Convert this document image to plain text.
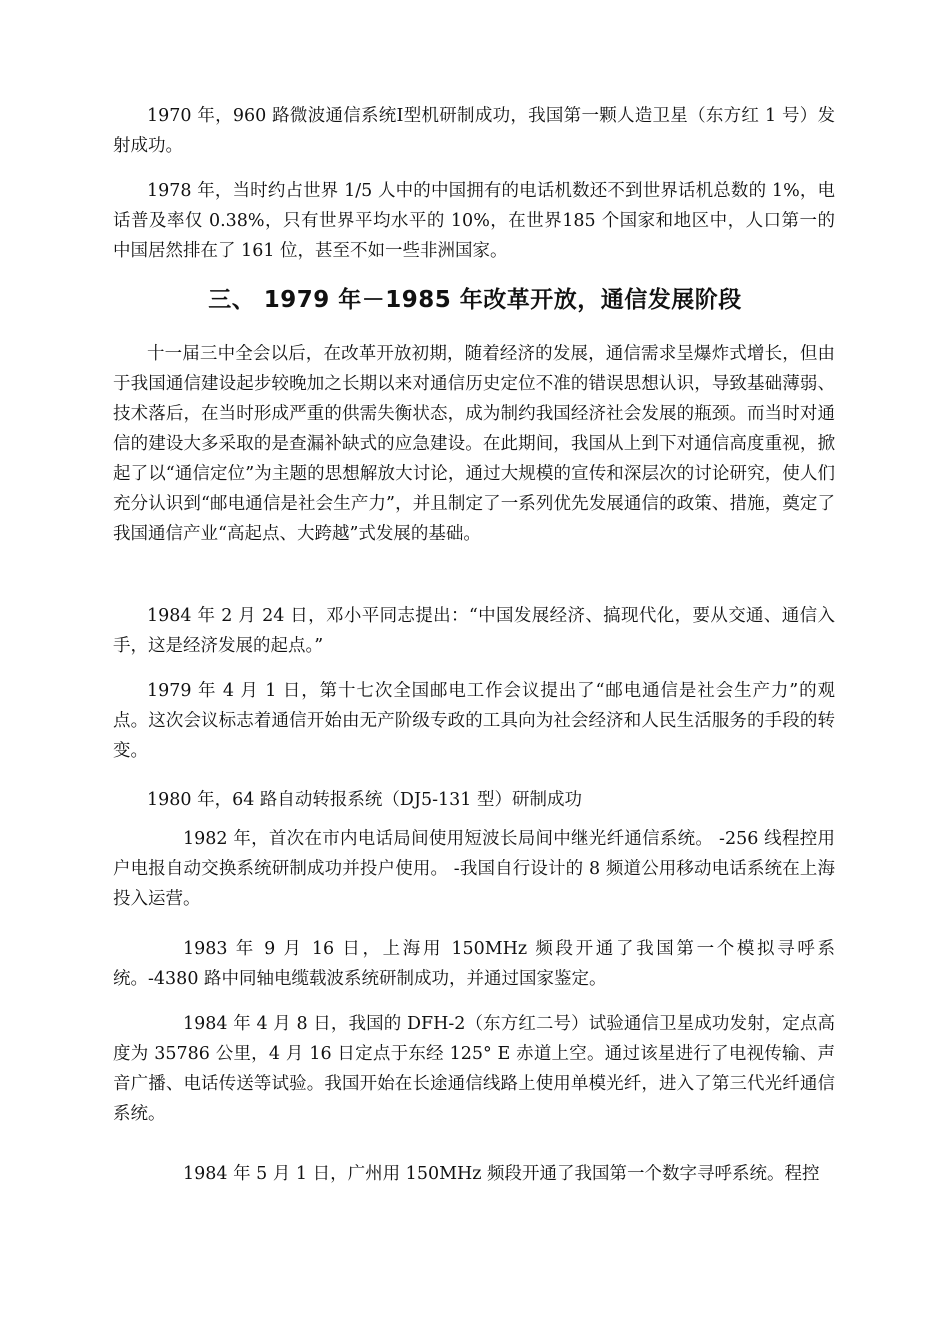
1970 年，960 路微波通信系统Ⅰ型机研制成功，我国第一颗人造卫星（东方红 1 号）发射成功。

1978 年，当时约占世界 1/5 人中的中国拥有的电话机数还不到世界话机总数的 1%，电话普及率仅 0.38%，只有世界平均水平的 10%，在世界185 个国家和地区中，人口第一的中国居然排在了 161 位，甚至不如一些非洲国家。

三、 1979 年－1985 年改革开放，通信发展阶段

十一届三中全会以后，在改革开放初期，随着经济的发展，通信需求呈爆炸式增长，但由于我国通信建设起步较晚加之长期以来对通信历史定位不准的错误思想认识，导致基础薄弱、技术落后，在当时形成严重的供需失衡状态，成为制约我国经济社会发展的瓶颈。而当时对通信的建设大多采取的是查漏补缺式的应急建设。在此期间，我国从上到下对通信高度重视，掀起了以“通信定位”为主题的思想解放大讨论，通过大规模的宣传和深层次的讨论研究，使人们充分认识到“邮电通信是社会生产力”，并且制定了一系列优先发展通信的政策、措施，奠定了我国通信产业“高起点、大跨越”式发展的基础。

1984 年 2 月 24 日，邓小平同志提出：“中国发展经济、搞现代化，要从交通、通信入手，这是经济发展的起点。”

1979 年 4 月 1 日，第十七次全国邮电工作会议提出了“邮电通信是社会生产力”的观点。这次会议标志着通信开始由无产阶级专政的工具向为社会经济和人民生活服务的手段的转变。

1980 年，64 路自动转报系统（DJ5-131 型）研制成功

1982 年，首次在市内电话局间使用短波长局间中继光纤通信系统。 -256 线程控用户电报自动交换系统研制成功并投户使用。 -我国自行设计的 8 频道公用移动电话系统在上海投入运营。

1983 年 9 月 16 日，上海用 150MHz 频段开通了我国第一个模拟寻呼系统。-4380 路中同轴电缆载波系统研制成功，并通过国家鉴定。

1984 年 4 月 8 日，我国的 DFH-2（东方红二号）试验通信卫星成功发射，定点高度为 35786 公里，4 月 16 日定点于东经 125° E 赤道上空。通过该星进行了电视传输、声音广播、电话传送等试验。我国开始在长途通信线路上使用单模光纤，进入了第三代光纤通信系统。

1984 年 5 月 1 日，广州用 150MHz 频段开通了我国第一个数字寻呼系统。程控
